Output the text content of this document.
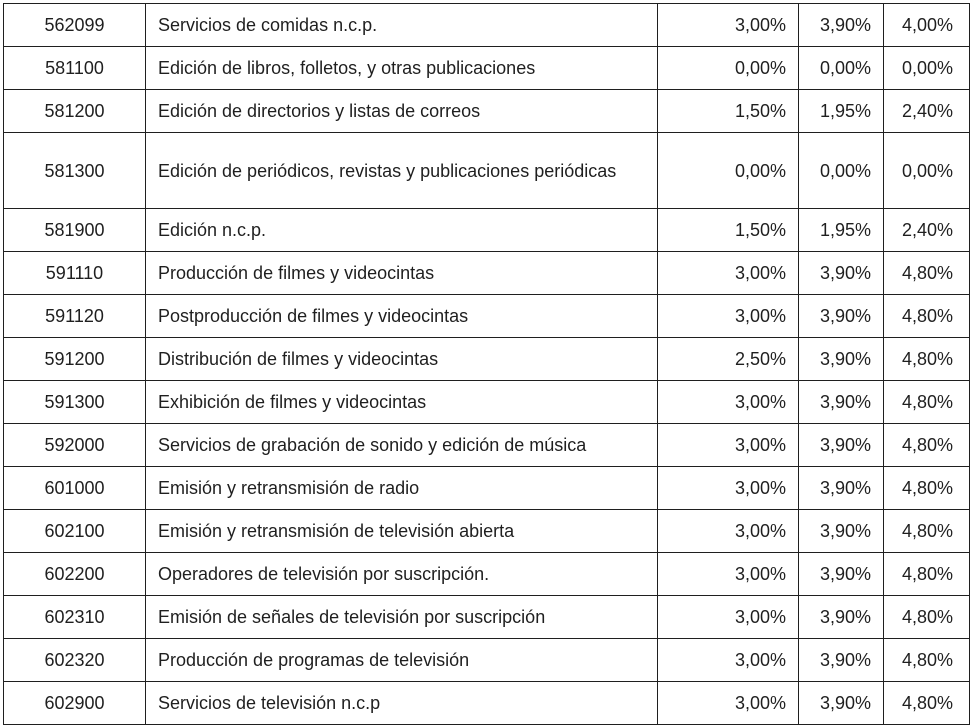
562099	Servicios de comidas n.c.p.	3,00%	3,90%	4,00%
581100	Edición de libros, folletos, y otras publicaciones	0,00%	0,00%	0,00%
581200	Edición de directorios y listas de correos	1,50%	1,95%	2,40%
581300	Edición de periódicos, revistas y publicaciones periódicas	0,00%	0,00%	0,00%
581900	Edición n.c.p.	1,50%	1,95%	2,40%
591110	Producción de filmes y videocintas	3,00%	3,90%	4,80%
591120	Postproducción de filmes y videocintas	3,00%	3,90%	4,80%
591200	Distribución de filmes y videocintas	2,50%	3,90%	4,80%
591300	Exhibición de filmes y videocintas	3,00%	3,90%	4,80%
592000	Servicios de grabación de sonido y edición de música	3,00%	3,90%	4,80%
601000	Emisión y retransmisión de radio	3,00%	3,90%	4,80%
602100	Emisión y retransmisión de televisión abierta	3,00%	3,90%	4,80%
602200	Operadores de televisión por suscripción.	3,00%	3,90%	4,80%
602310	Emisión de señales de televisión por suscripción	3,00%	3,90%	4,80%
602320	Producción de programas de televisión	3,00%	3,90%	4,80%
602900	Servicios de televisión n.c.p	3,00%	3,90%	4,80%
